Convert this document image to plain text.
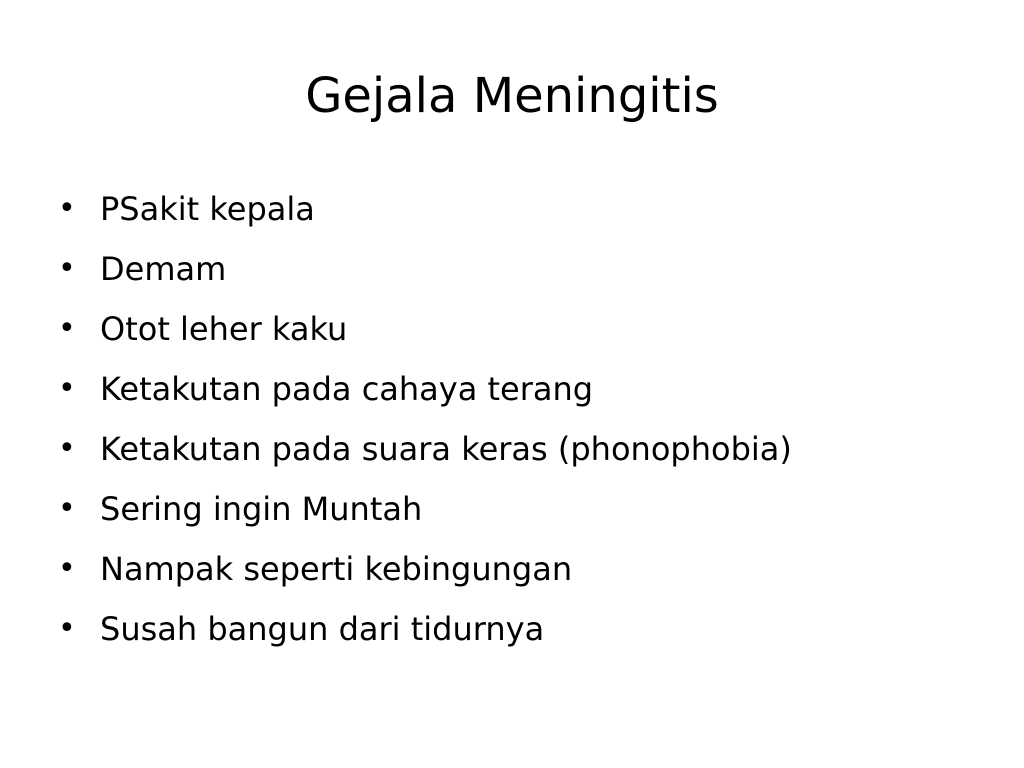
Gejala Meningitis
• PSakit kepala
• Demam
• Otot leher kaku
• Ketakutan pada cahaya terang
• Ketakutan pada suara keras (phonophobia)
• Sering ingin Muntah
• Nampak seperti kebingungan
• Susah bangun dari tidurnya
